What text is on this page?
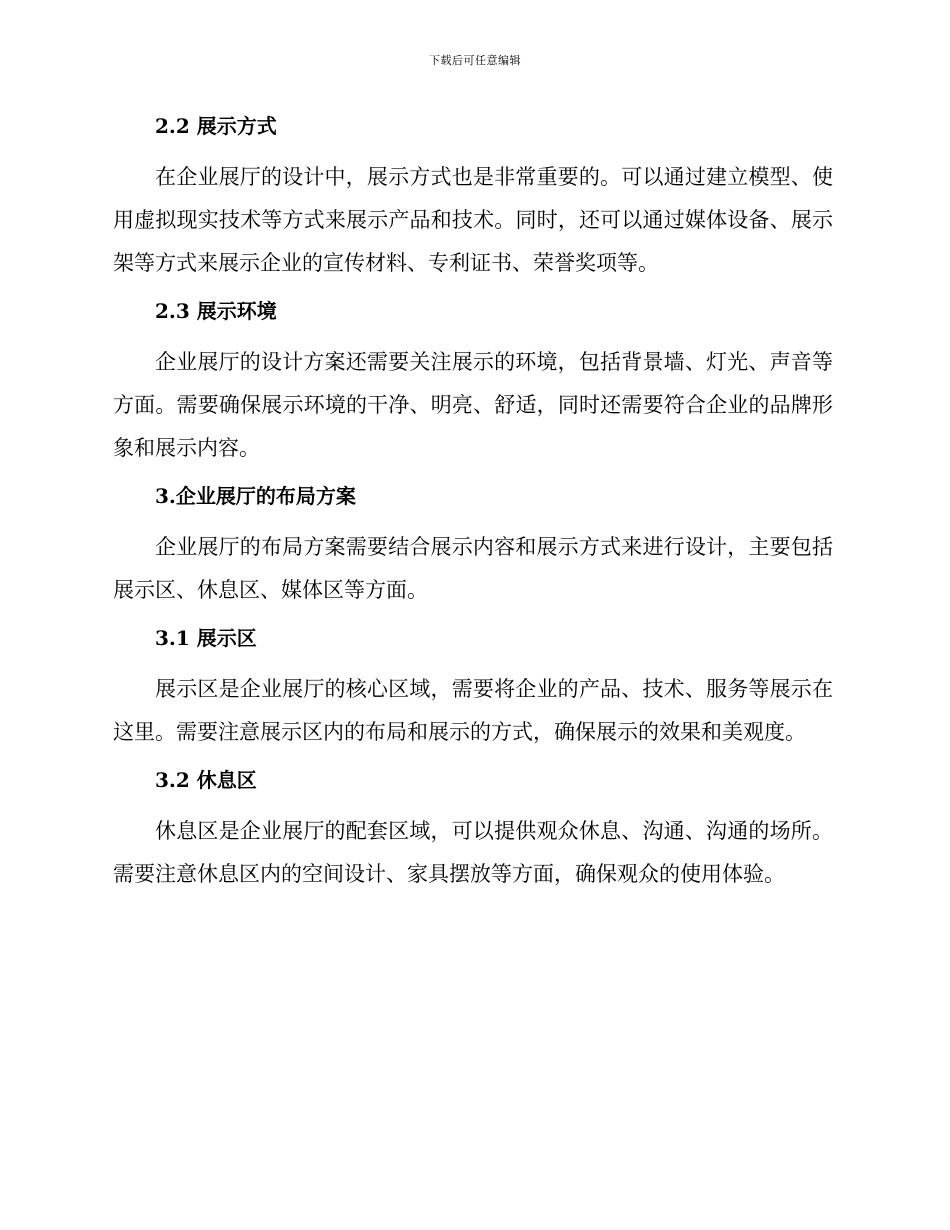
下载后可任意编辑
2.2 展示方式

在企业展厅的设计中，展示方式也是非常重要的。可以通过建立模型、使用虚拟现实技术等方式来展示产品和技术。同时，还可以通过媒体设备、展示架等方式来展示企业的宣传材料、专利证书、荣誉奖项等。

2.3 展示环境

企业展厅的设计方案还需要关注展示的环境，包括背景墙、灯光、声音等方面。需要确保展示环境的干净、明亮、舒适，同时还需要符合企业的品牌形象和展示内容。

3.企业展厅的布局方案

企业展厅的布局方案需要结合展示内容和展示方式来进行设计，主要包括展示区、休息区、媒体区等方面。

3.1 展示区

展示区是企业展厅的核心区域，需要将企业的产品、技术、服务等展示在这里。需要注意展示区内的布局和展示的方式，确保展示的效果和美观度。

3.2 休息区

休息区是企业展厅的配套区域，可以提供观众休息、沟通、沟通的场所。需要注意休息区内的空间设计、家具摆放等方面，确保观众的使用体验。
